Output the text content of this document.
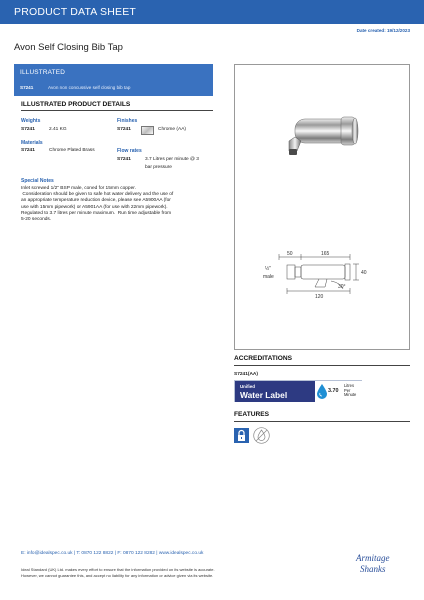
PRODUCT DATA SHEET
Date created: 19/12/2023
Avon Self Closing Bib Tap
ILLUSTRATED
S7241	Avon non concussive self closing bib tap
ILLUSTRATED PRODUCT DETAILS
Weights
S7241	2.41 KG
Materials
S7241	Chrome Plated Brass
Finishes
S7241	Chrome (AA)
Flow rates
S7241	3.7 Litres per minute @ 3
bar pressure
Special Notes
Inlet screwed 1/2" BSP male, coned for 15mm copper.
Consideration should be given to safe hot water delivery and the use of
an appropriate temperature reduction device, please see A5900AA (for
use with 15mm pipework) or A5901AA (for use with 22mm pipework).
Regulated to 3.7 litres per minute maximum.  Run time adjustable from
5-20 seconds.
50	165
40
120
30°
½"
male
ACCREDITATIONS
S7241(AA)
Unified
Water Label	3.70
Litres
Per
Minute
FEATURES
E: info@idealspec.co.uk | T: 0870 122 8822 | F: 0870 122 8282 | www.idealspec.co.uk
Ideal Standard (UK) Ltd. makes every effort to ensure that the information provided on its website is accurate.
However, we cannot guarantee this, and accept no liability for any information or advice given via its website.
Armitage
Shanks
